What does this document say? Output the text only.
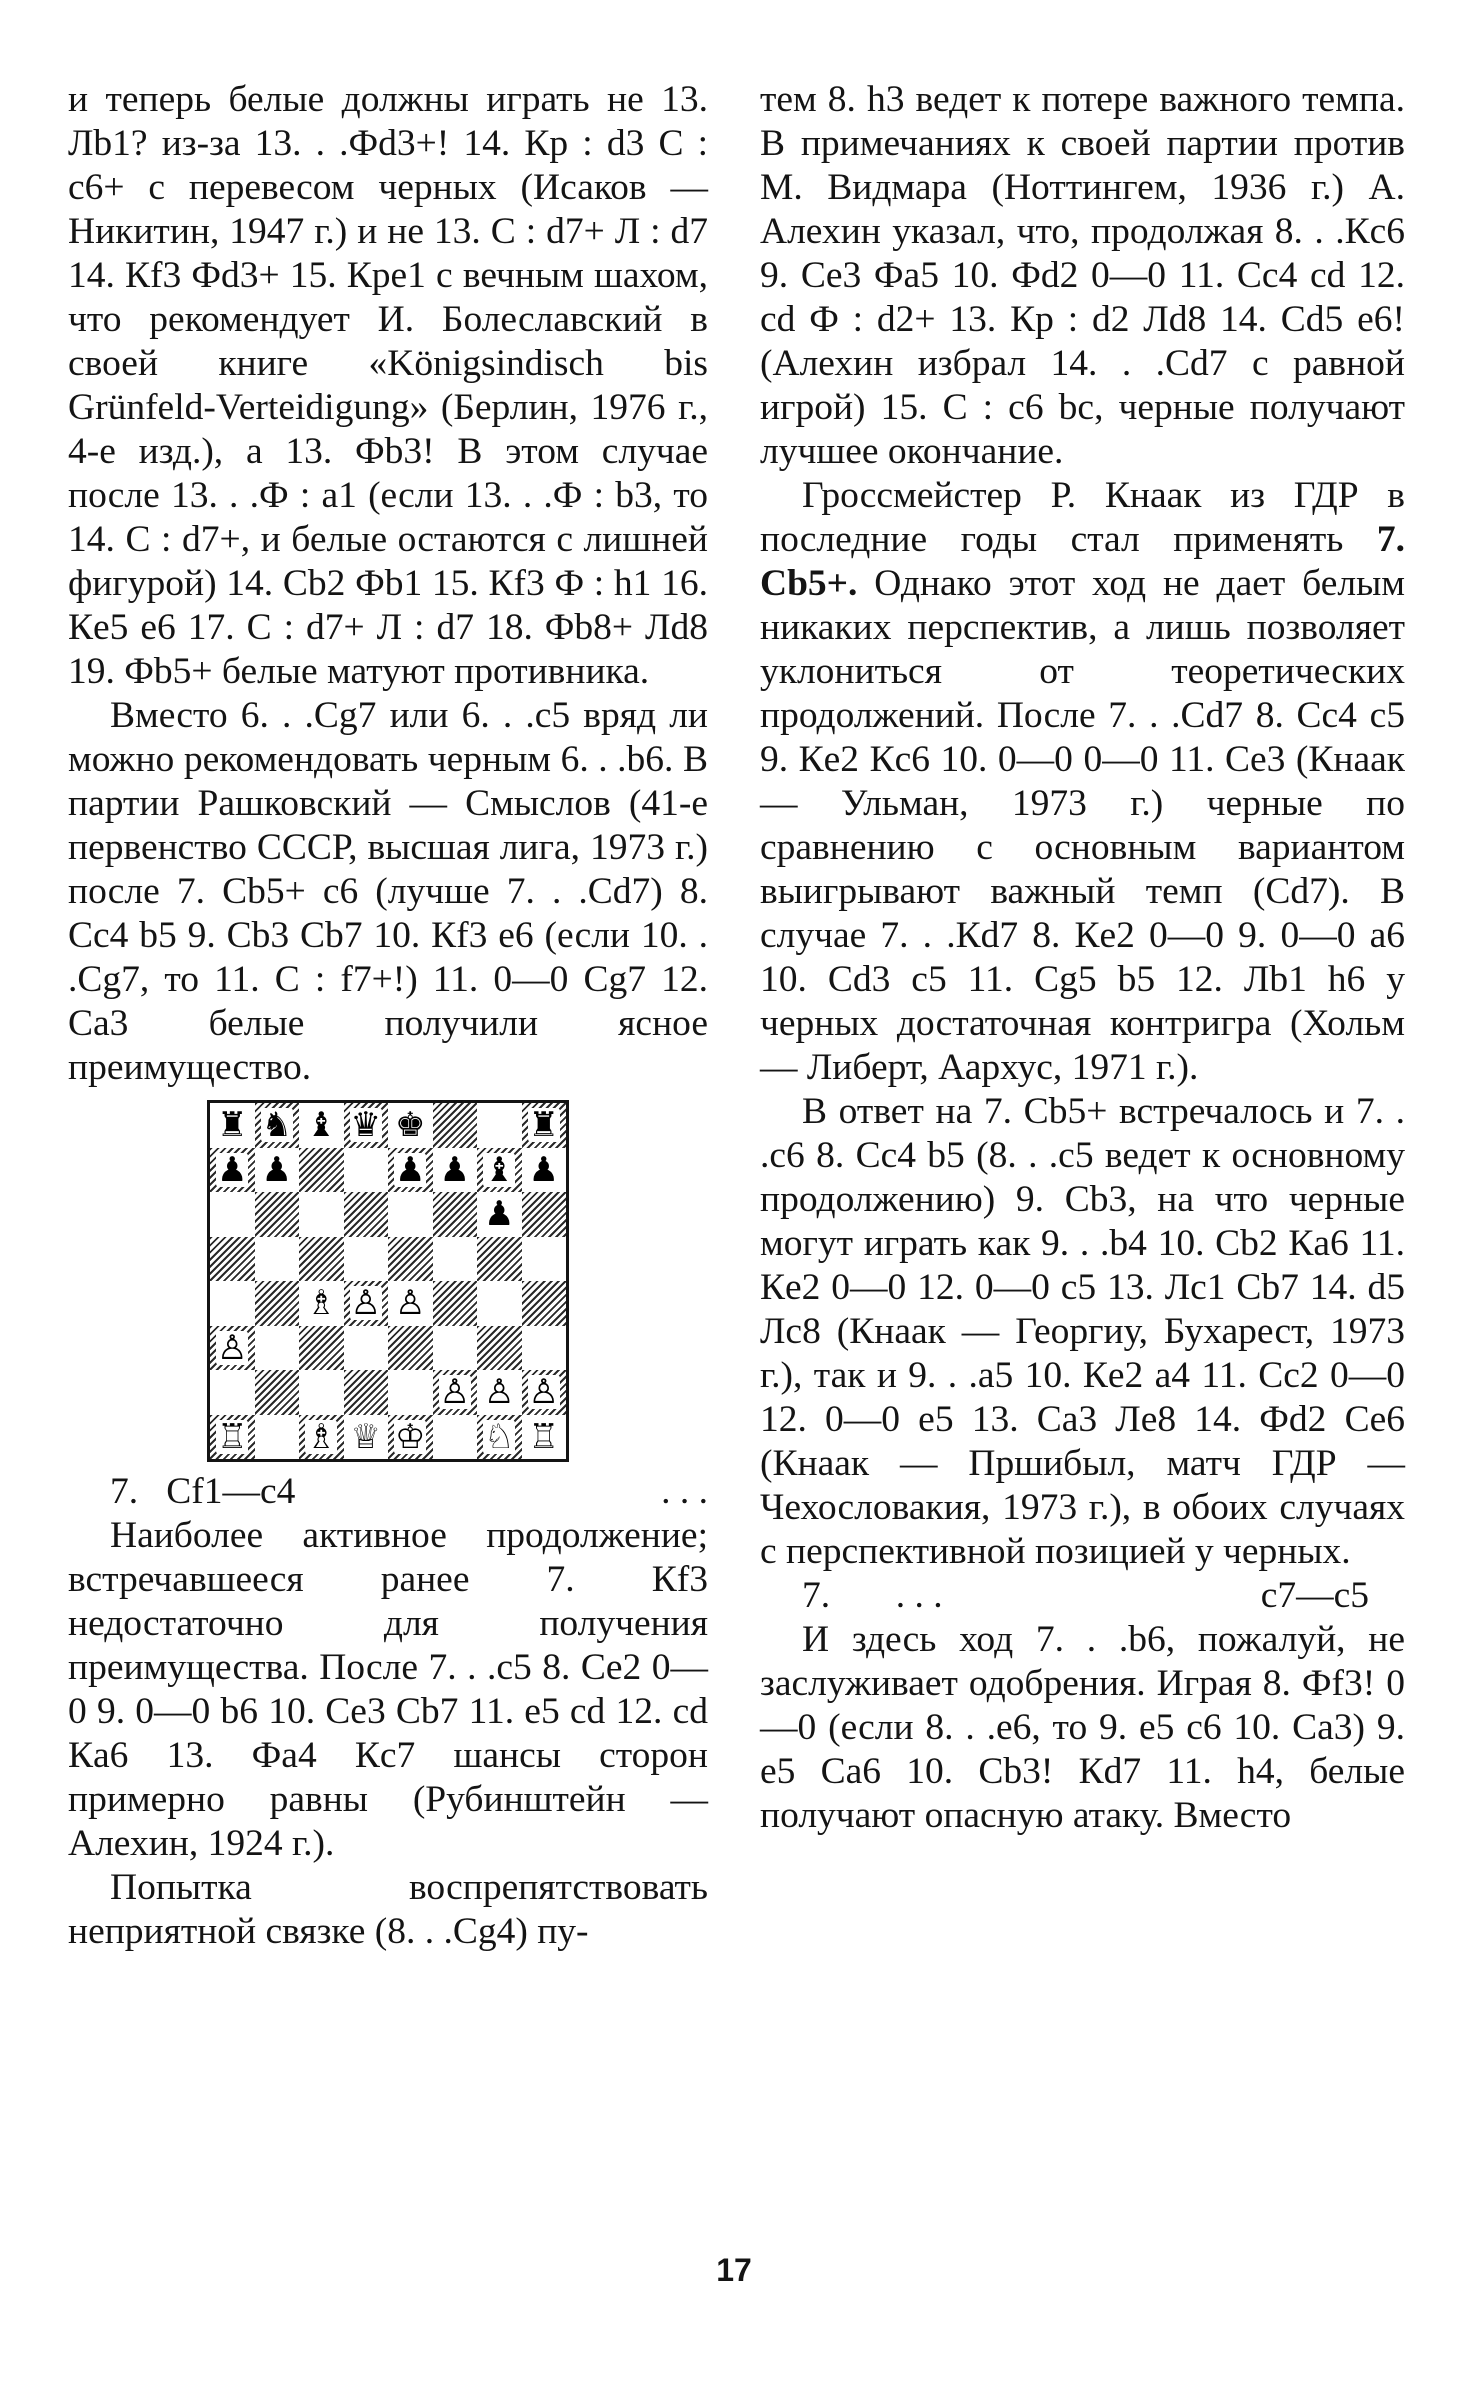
и теперь белые должны играть не 13. Лb1? из-за 13. . .Фd3+! 14. Кр : d3 С : c6+ с перевесом черных (Исаков — Никитин, 1947 г.) и не 13. С : d7+ Л : d7 14. Кf3 Фd3+ 15. Кре1 с вечным шахом, что рекомендует И. Болеславский в своей книге «Königsindisch bis Grünfeld-Verteidigung» (Берлин, 1976 г., 4-е изд.), а 13. Фb3! В этом случае после 13. . .Ф : a1 (если 13. . .Ф : b3, то 14. С : d7+, и белые остаются с лишней фигурой) 14. Сb2 Фb1 15. Кf3 Ф : h1 16. Кe5 e6 17. С : d7+ Л : d7 18. Фb8+ Лd8 19. Фb5+ белые матуют противника.

Вместо 6. . .Сg7 или 6. . .c5 вряд ли можно рекомендовать черным 6. . .b6. В партии Рашковский — Смыслов (41-е первенство СССР, высшая лига, 1973 г.) после 7. Сb5+ c6 (лучше 7. . .Сd7) 8. Сc4 b5 9. Сb3 Сb7 10. Кf3 e6 (если 10. . .Сg7, то 11. С : f7+!) 11. 0—0 Сg7 12. Сa3 белые получили ясное преимущество.

♜ ♞ ♝ ♛ ♚	♜
♟ ♟	♟ ♟ ♝ ♟
♟
♗ ♙ ♙
♙
♙ ♙ ♙
♖ ♗ ♕ ♔ ♘ ♖
7. Сf1—c4	. . .

Наиболее активное продолжение; встречавшееся ранее 7. Кf3 недостаточно для получения преимущества. После 7. . .c5 8. Сe2 0—0 9. 0—0 b6 10. Сe3 Сb7 11. e5 cd 12. cd Кa6 13. Фa4 Кc7 шансы сторон примерно равны (Рубинштейн — Алехин, 1924 г.).

Попытка воспрепятствовать неприятной связке (8. . .Сg4) пу-

тем 8. h3 ведет к потере важного темпа. В примечаниях к своей партии против М. Видмара (Ноттингем, 1936 г.) А. Алехин указал, что, продолжая 8. . .Кc6 9. Сe3 Фa5 10. Фd2 0—0 11. Сc4 cd 12. cd Ф : d2+ 13. Кр : d2 Лd8 14. Сd5 e6! (Алехин избрал 14. . .Сd7 с равной игрой) 15. С : c6 bc, черные получают лучшее окончание.

Гроссмейстер Р. Кнаак из ГДР в последние годы стал применять 7. Сb5+. Однако этот ход не дает белым никаких перспектив, а лишь позволяет уклониться от теоретических продолжений. После 7. . .Сd7 8. Сc4 c5 9. Кe2 Кc6 10. 0—0 0—0 11. Сe3 (Кнаак — Ульман, 1973 г.) черные по сравнению с основным вариантом выигрывают важный темп (Сd7). В случае 7. . .Кd7 8. Кe2 0—0 9. 0—0 a6 10. Сd3 c5 11. Сg5 b5 12. Лb1 h6 у черных достаточная контригра (Хольм — Либерт, Аархус, 1971 г.).

В ответ на 7. Сb5+ встречалось и 7. . .c6 8. Сc4 b5 (8. . .c5 ведет к основному продолжению) 9. Сb3, на что черные могут играть как 9. . .b4 10. Сb2 Кa6 11. Кe2 0—0 12. 0—0 c5 13. Лc1 Сb7 14. d5 Лc8 (Кнаак — Георгиу, Бухарест, 1973 г.), так и 9. . .a5 10. Кe2 a4 11. Сc2 0—0 12. 0—0 e5 13. Сa3 Лe8 14. Фd2 Сe6 (Кнаак — Пршибыл, матч ГДР — Чехословакия, 1973 г.), в обоих случаях с перспективной позицией у черных.

7. . . .	c7—c5

И здесь ход 7. . .b6, пожалуй, не заслуживает одобрения. Играя 8. Фf3! 0—0 (если 8. . .e6, то 9. e5 c6 10. Сa3) 9. e5 Сa6 10. Сb3! Кd7 11. h4, белые получают опасную атаку. Вместо

17
